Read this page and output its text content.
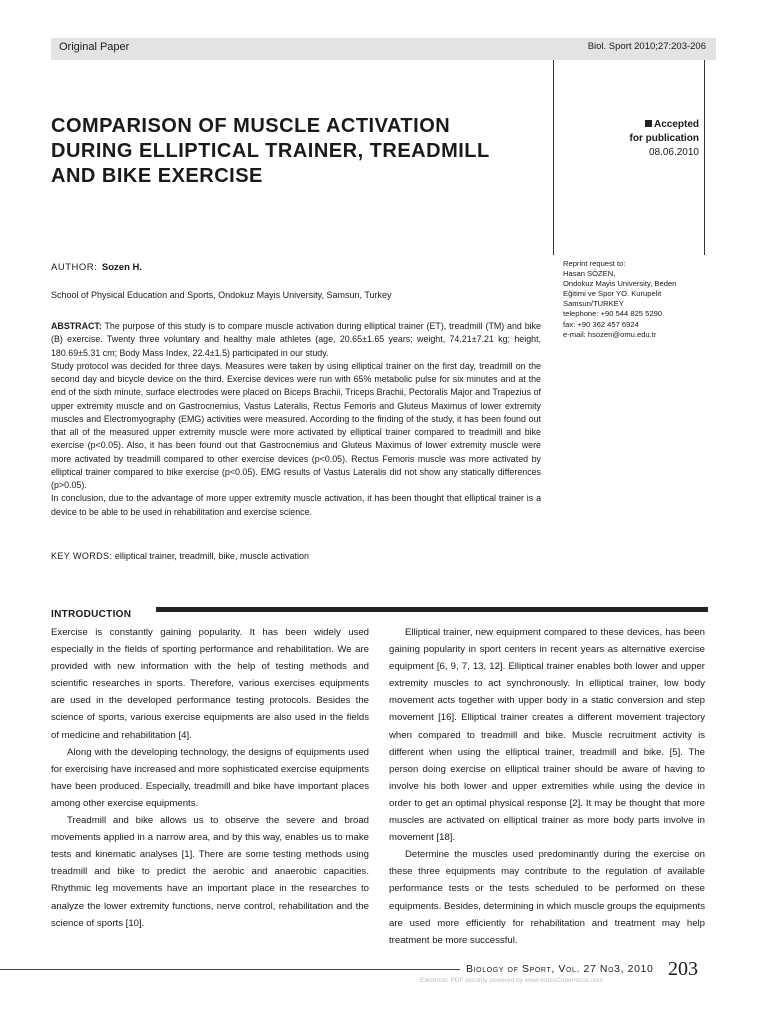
Original Paper	Biol. Sport 2010;27:203-206
COMPARISON OF MUSCLE ACTIVATION
DURING ELLIPTICAL TRAINER, TREADMILL
AND BIKE EXERCISE
Accepted
for publication
08.06.2010
AUTHOR: Sozen H.
School of Physical Education and Sports, Ondokuz Mayis University, Samsun, Turkey
Reprint request to:
Hasan SÖZEN,
Ondokuz Mayis University, Beden
Eğitimi ve Spor YO. Kurupelit
Samsun/TURKEY
telephone: +90 544 825 5290
fax: +90 362 457 6924
e-mail: hsozen@omu.edu.tr

ABSTRACT: The purpose of this study is to compare muscle activation during elliptical trainer (ET), treadmill (TM) and bike (B) exercise. Twenty three voluntary and healthy male athletes (age, 20.65±1.65 years; weight, 74.21±7.21 kg; height, 180.69±5.31 cm; Body Mass Index, 22.4±1.5) participated in our study.

Study protocol was decided for three days. Measures were taken by using elliptical trainer on the first day, treadmill on the second day and bicycle device on the third. Exercise devices were run with 65% metabolic pulse for six minutes and at the end of the sixth minute, surface electrodes were placed on Biceps Brachii, Triceps Brachii, Pectoralis Major and Trapezius of upper extremity muscle and on Gastrocnemius, Vastus Lateralis, Rectus Femoris and Gluteus Maximus of lower extremity muscles and Electromyography (EMG) activities were measured. According to the finding of the study, it has been found out that all of the measured upper extremity muscle were more activated by elliptical trainer compared to treadmill and bike exercise (p<0.05). Also, it has been found out that Gastrocnemius and Gluteus Maximus of lower extremity muscle were more activated by treadmill compared to other exercise devices (p<0.05). Rectus Femoris muscle was more activated by elliptical trainer compared to bike exercise (p<0.05). EMG results of Vastus Lateralis did not show any statically differences (p>0.05).

In conclusion, due to the advantage of more upper extremity muscle activation, it has been thought that elliptical trainer is a device to be able to be used in rehabilitation and exercise science.

KEY WORDS: elliptical trainer, treadmill, bike, muscle activation
INTRODUCTION

Exercise is constantly gaining popularity. It has been widely used especially in the fields of sporting performance and rehabilitation. We are provided with new information with the help of testing methods and scientific researches in sports. Therefore, various exercises equipments are used in the developed performance testing protocols. Besides the science of sports, various exercise equipments are also used in the fields of medicine and rehabilitation [4].

Along with the developing technology, the designs of equipments used for exercising have increased and more sophisticated exercise equipments have been produced. Especially, treadmill and bike have important places among other exercise equipments.

Treadmill and bike allows us to observe the severe and broad movements applied in a narrow area, and by this way, enables us to make tests and kinematic analyses [1]. There are some testing methods using treadmill and bike to predict the aerobic and anaerobic capacities. Rhythmic leg movements have an important place in the researches to analyze the lower extremity functions, nerve control, rehabilitation and the science of sports [10].

Elliptical trainer, new equipment compared to these devices, has been gaining popularity in sport centers in recent years as alternative exercise equipment [6, 9, 7, 13, 12]. Elliptical trainer enables both lower and upper extremity muscles to act synchronously. In elliptical trainer, low body movement acts together with upper body in a static conversion and step movement [16]. Elliptical trainer creates a different movement trajectory when compared to treadmill and bike. Muscle recruitment activity is different when using the elliptical trainer, treadmill and bike. [5]. The person doing exercise on elliptical trainer should be aware of having to involve his both lower and upper extremities while using the device in order to get an optimal physical response [2]. It may be thought that more muscles are activated on elliptical trainer as more body parts involve in movement [18].

Determine the muscles used predominantly during the exercise on these three equipments may contribute to the regulation of available performance tests or the tests scheduled to be performed on these equipments. Besides, determining in which muscle groups the equipments are used more efficiently for rehabilitation and treatment may help treatment be more successful.

Biology of Sport, Vol. 27 No3, 2010 203
Electronic PDF security powered by www.IndexCopernicus.com
